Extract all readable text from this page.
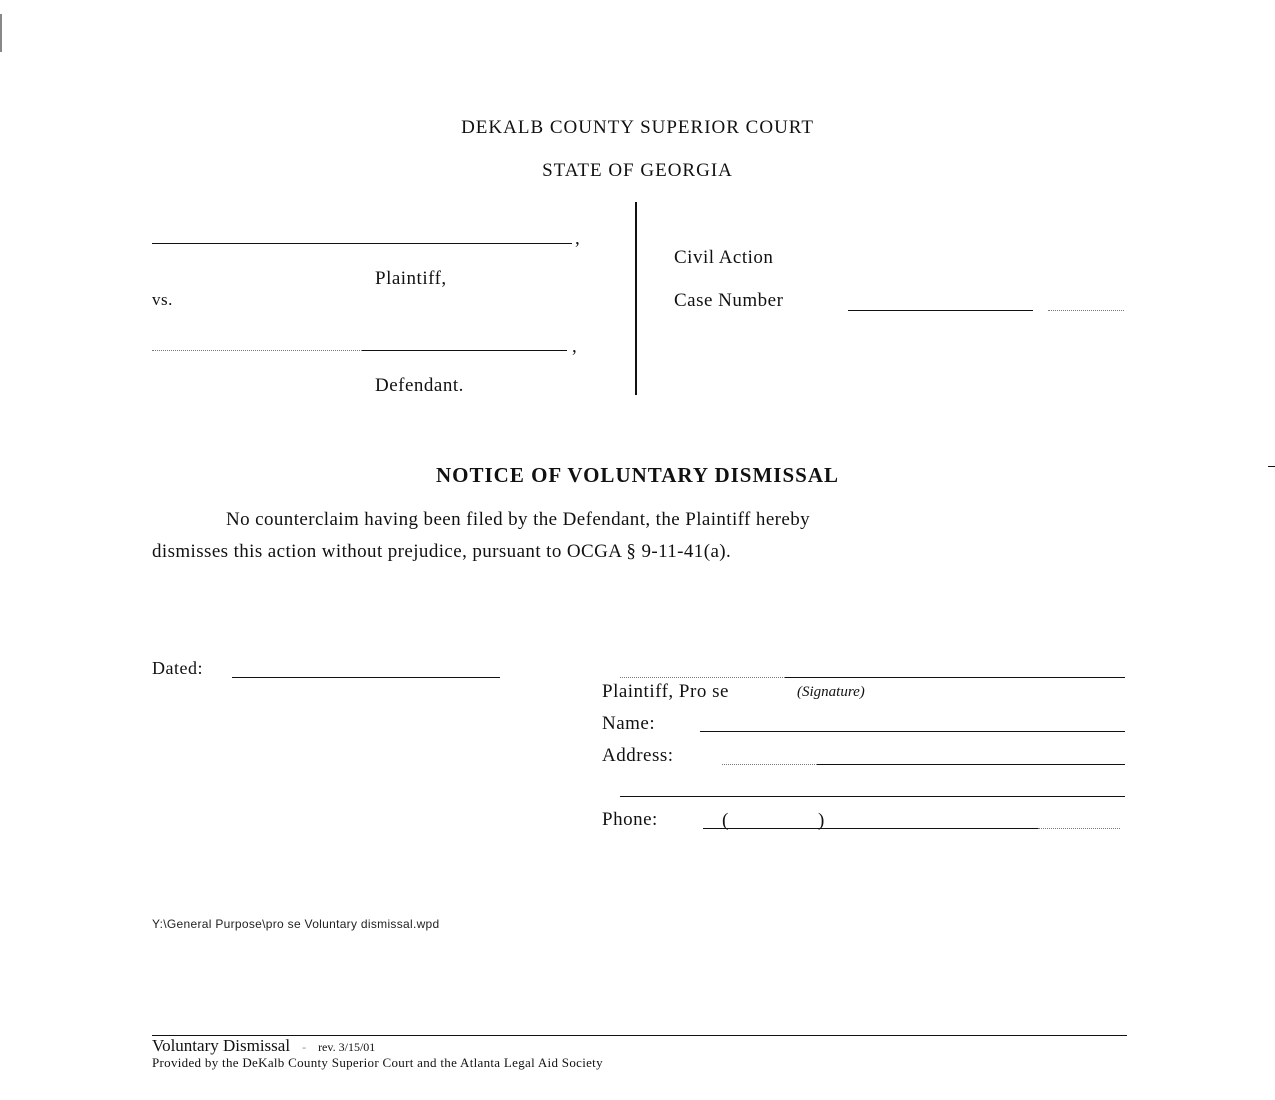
DEKALB COUNTY SUPERIOR COURT
STATE OF GEORGIA
,
Plaintiff,
vs.
,
Defendant.
Civil Action
Case Number
NOTICE OF VOLUNTARY DISMISSAL
No counterclaim having been filed by the Defendant, the Plaintiff hereby
dismisses this action without prejudice, pursuant to OCGA § 9-11-41(a).
Dated:
Plaintiff, Pro se	(Signature)
Name:
Address:
Phone:	(	)
Y:\General Purpose\pro se Voluntary dismissal.wpd
Voluntary Dismissal - rev. 3/15/01
Provided by the DeKalb County Superior Court and the Atlanta Legal Aid Society
